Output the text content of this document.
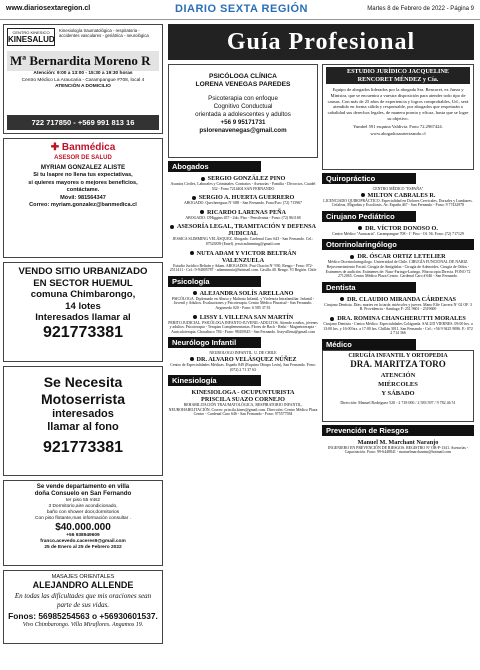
www.diariosextaregion.cl	DIARIO SEXTA REGIÓN	Martes 8 de Febrero de 2022 - Página 9
CENTRO KINESICO
KINESALUD
Kinesiología traumatológica - respiratoria - accidentes vasculares - geriátrica - neurológica
Mª Bernardita Moreno R
Atención: 9:00 a 13:00 - 15:30 a 19:30 horas
Centro Médico La Araucaria - Carampangue #708, local 4
ATENCIÓN A DOMICILIO
722 717850 - +569 991 813 16
✚ Banmédica
ASESOR DE SALUD
MYRIAM GONZALEZ ALISTE
Si tu Isapre no llena tus expectativas,
si quieres mayores o mejores beneficios,
contáctame.
Móvil: 981564347
Correo: myriam.gonzalez@banmedica.cl

VENDO SITIO URBANIZADO

EN SECTOR HUEMUL

comuna Chimbarongo,

14 lotes

Interesados llamar al

921773381

Se Necesita
Motoserrista
interesados
llamar al fono
921773381
Se vende departamento en villa
doña Consuelo en San Fernando
ter piso 55 mts2
3 Dormitorio,aire acondicionado,
baño con shower door,dormitorios
Con piso flotante,mas información consultar .
$40.000.000
+56 938949609
franco.acevedo.caceres9@gmail.com
25 de Enero al 25 de Febrero 2022
MASAJES ORIENTALES
ALEJANDRO ALLENDE
En todas las dificultades que mis oraciones sean parte de sus vidas.
Fonos: 56985254563 o +56930601537.
Vivo Chimbarongo. Villa Miraflores. Angamos 19.
Guía Profesional
PSICÓLOGA CLÍNICA
LORENA VENEGAS PAREDES
Psicoterapia con enfoque
Cognitivo Conductual
orientada a adolescentes y adultos
+56 9 95171731
pslorenavenegas@gmail.com
Abogados
SERGIO GONZÁLEZ PINO
Asuntos Civiles, Laborales y Criminales. Contratos - Asesorías - Familia - Divorcios. Cuadel 532 - Fono 7214404 SAN FERNANDO
SERGIO A. HUERTA GUERRERO
ABOGADO. Quechereguas Nº 688 - San Fernando. Fono/Fax: (72) 715967
RICARDO LARENAS PEÑA
ABOGADO. O'Higgins 457 - 2do. Piso - Pensilvania - Fono: (72) 861168
ASESORÍA LEGAL, TRAMITACIÓN Y DEFENSA JUDICIAL
JESSICA SLIMMING VELÁSQUEZ. Abogado. Cardenal Caro 643 - San Fernando. Cel.: 87523839 (Entel). jessicaslimming@gmail.com
NUTA ADAM Y VICTOR BELTRÁN VALENZUELA
Estudio Jurídico Beltrán y Adam. ABOGADOS. Prat Chacón Nº 930, Rengo - Fono: 072-2511411 - Cel.: 9-94005787 - adammnuta@hotmail.com. Casilla 40. Rengo. VI Región. Chile
Psicología
ALEJANDRA SOLÍS ARELLANO
PSICÓLOGA. Diplomado en Abuso y Maltrato Infantil, y Violencia Intrafamiliar. Infantil - Juvenil y Adultos. Evaluaciones y Psicoterapia. Centro Médico Pluraisal - San Fernando. Argomedo 020 - Fono: 6 585 37 81
LISSY I. VILLENA SAN MARTÍN
PERITO JUDICIAL. PSICÓLOGA INFANTO-JUVENIL-ADULTOS. Atiende a niños, jóvenes y adultos. Psicoterapia - Terapias Complementarias. Flores de Bach - Reiki - Magnetoterapia - Auriculoterapia. Chacabuco 784 - Fono: 98439345 - San Fernando. lissyvillena@gmail.com
Neurólogo Infantil
NEUROLOGO INFANTIL. U. DE CHILE
DR. ALVARO VELÁSQUEZ NÚÑEZ
Centro de Especialidades Médicas. Españo 849 (Esquina Obispo León), San Fernando. Fono: (072) 2 71 37 63
Kinesiología
KINESIOLOGA - OCUPUNTURISTA
PRISCILA SUAZO CORNEJO
REHABILITACIÓN TRAUMATOLÓGICA, RESPIRATORIO INFANTIL, NEUROHABILITACIÓN. Correo: priscila.kines@gmail.com. Dirección: Centro Médico Plaza Centro - Cardenal Caro 646 - San Fernando - Fono: 975577584
ESTUDIO JURÍDICO JACQUELINE
RENCORET MÉNDEZ y Cía.
Equipo de abogados liderados por la abogada Sra. Rencoret, ex Jueza y Ministra, que se encuentra a vuestra disposición para atender todo tipo de causas. Con más de 25 años de experiencia y logros comprobables, Ud., será atendido en forma cálida y responsable, por abogados que respetarán a cabalidad sus derechos legales, de manera pronta y eficaz, hasta que se logre su objetivo.
Yumbel 591 esquina Valdivia. Fono 72.2967424.
www.abogadosaraterizando.cl
Quiropráctico
CENTRO MÉDICO "ESPAÑA"
MILTON CABRALES R.
LICENCIADO QUIROPRÁCTICO. Especialidad en Dolores Cervicales, Dorsales y Lumbares. Cefaleas, Migrañas y Escoliosis. Av. España 467 - San Fernando - Fono: 9 77432978
Cirujano Pediátrico
DR. VÍCTOR DONOSO O.
Centro Médico "Araucaria". Carampangue 708 - 1º Piso - Of. 56. Fono: (72) 717129
Otorrinolaringólogo
DR. ÓSCAR ORTIZ LETELIER
Médico Otorrinolaringólogo. Universidad de Chile. CIRUGÍA FUNCIONAL DE NARIZ. Rejuvenecimiento Facial. Cirugía de Amígdalas - Cirugía de Adenoides. Cirugía de Oídos - Exámenes de audición. Exámenes de: Naso-Faringo-Laringo. Fibroscopia Directa. FONO 72 2712065. Centro Médico Plaza Centro. Cardenal Caro # 646 - San Fernando.
Dentista
DR. CLAUDIO MIRANDA CÁRDENAS
Cirujano Dentista. Días: martes en la tarde, miércoles y jueves. Mano Effe Carrera Nº 02 OF. 3 B. Providencia - Santiago F: 251 9601 - 2319600
DRA. ROMINA CHANGHERUTTI MORALES
Cirujano Dentista - Centro Médico. Especialidades Colágueda. SALUD VIERNES. 09:00 hrs. a 13:00 hrs. y 16:00 hrs. a 17:00 hrs. Chillán 3011, San Fernando - Cel.: +56 9 9425 9086. F.: 072 2 714 366
Médico
CIRUGÍA INFANTIL Y ORTOPEDIA
DRA. MARITZA TORO
ATENCIÓN
MIÉRCOLES
Y SÁBADO
Dirección: Manuel Rodríguez 520 - 2 718 000 / 2 583 597 / 9 782 46 51
Prevención de Riesgos
Manuel M. Marchant Naranjo
INGENIERO EN PREVENCIÓN DE RIESGOS. REGISTRO Nº OB-P-1341. Asesorías - Capacitación. Fono: 99-6448841 - manuelmarchantm@hotmail.com
